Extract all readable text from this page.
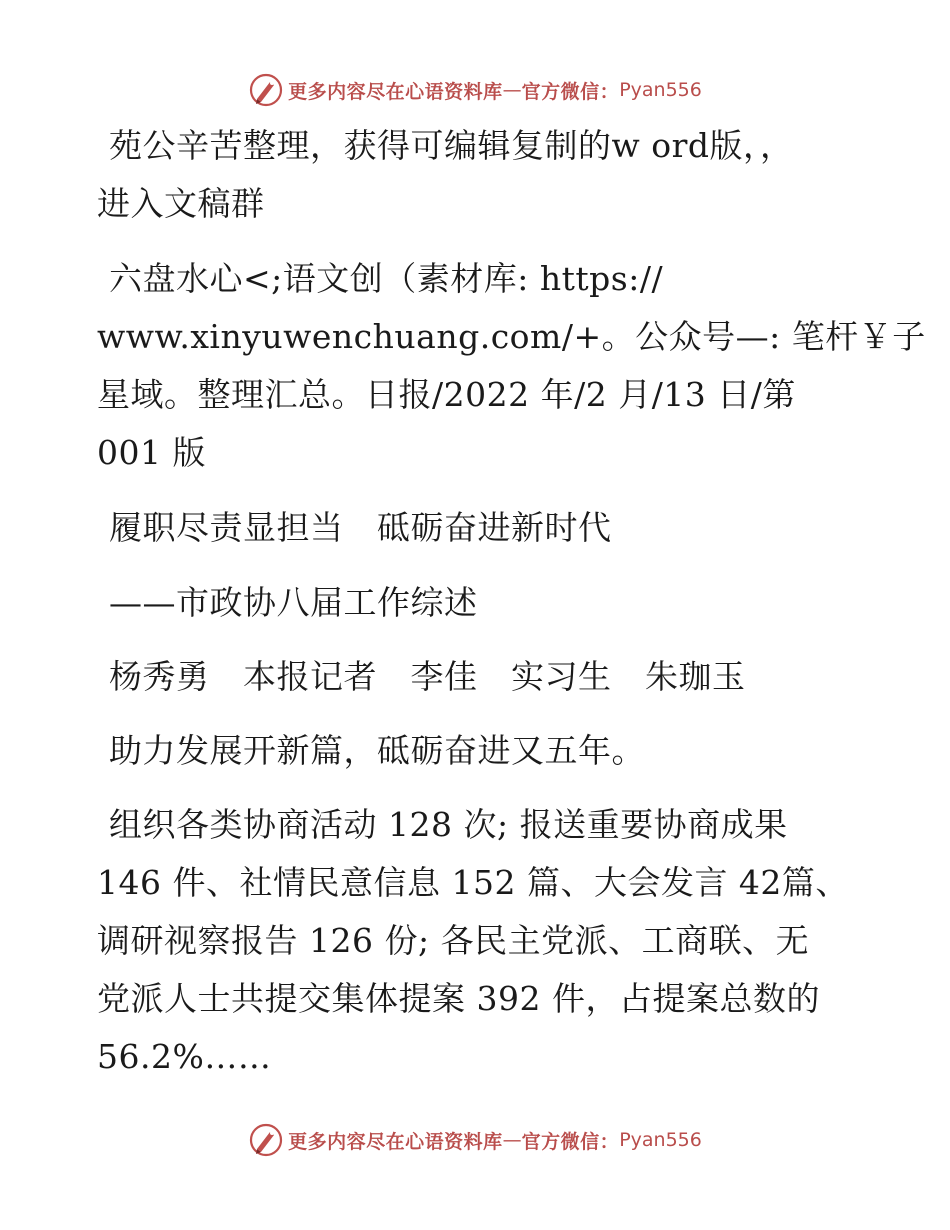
更多内容尽在心语资料库 — 官方微信： Pyan556
苑公辛苦整理，获得可编辑复制的w ord版，，
进入文稿群
六盘水心<;语文创（素材库: https://
www.xinyuwenchuang.com/+。公众号—: 笔杆￥子
星域。整理汇总。日报/2022 年/2 月/13 日/第
001 版
履职尽责显担当　砥砺奋进新时代
——市政协八届工作综述
杨秀勇　本报记者　李佳　实习生　朱珈玉
助力发展开新篇，砥砺奋进又五年。
组织各类协商活动 128 次; 报送重要协商成果
146 件、社情民意信息 152 篇、大会发言 42篇、
调研视察报告 126 份; 各民主党派、工商联、无
党派人士共提交集体提案 392 件，占提案总数的
56.2%……
更多内容尽在心语资料库 — 官方微信： Pyan556
